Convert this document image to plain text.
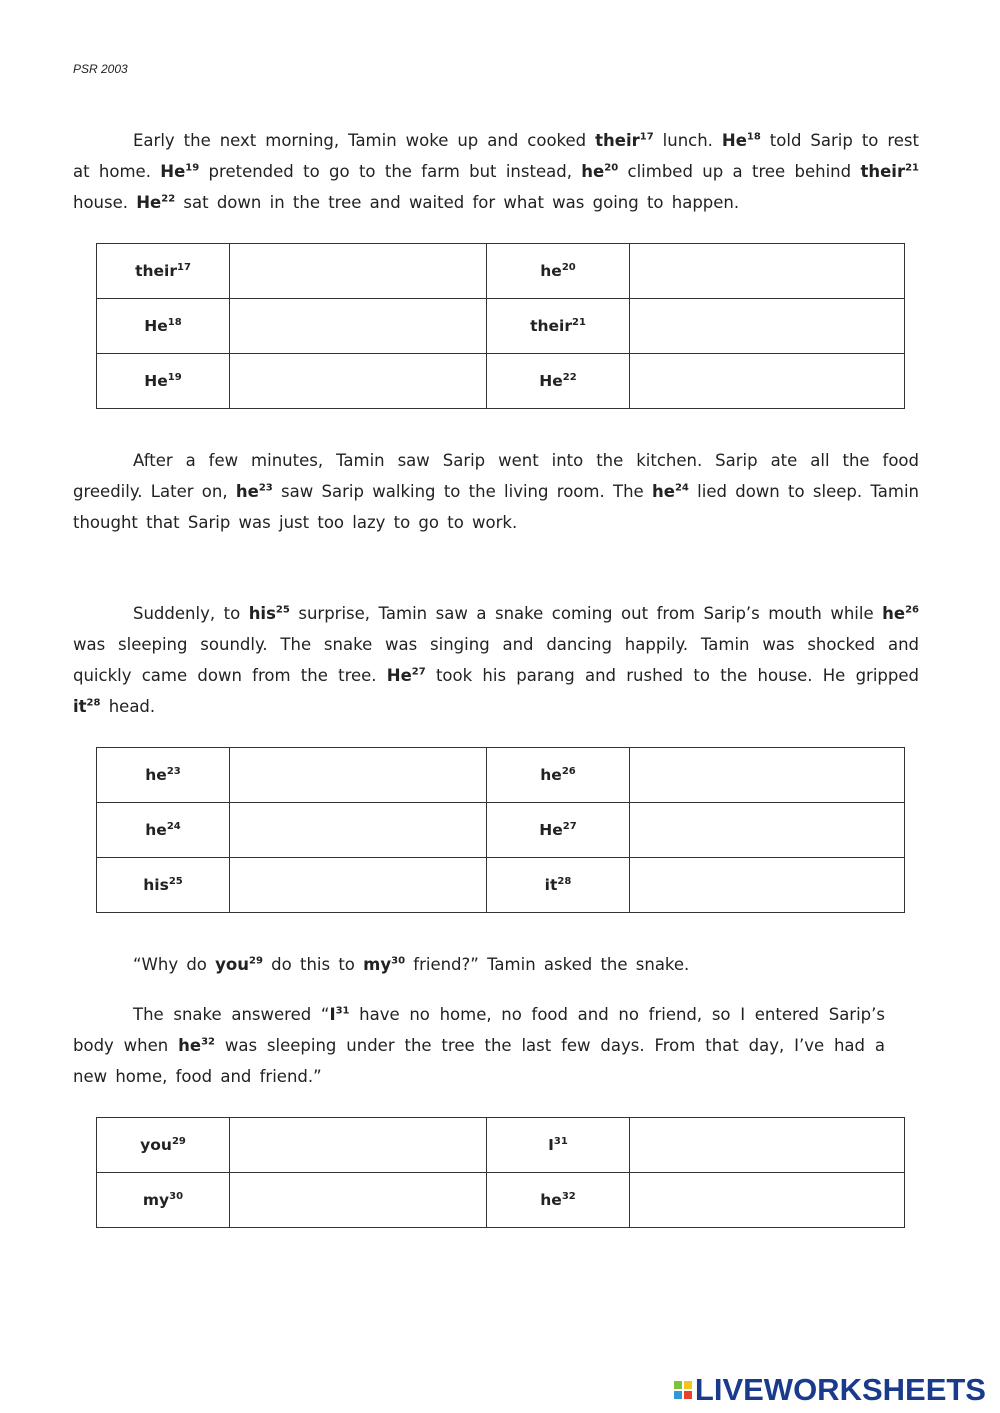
PSR 2003

Early the next morning, Tamin woke up and cooked their$^{17}$ lunch. He$^{18}$ told Sarip to rest at home. He$^{19}$ pretended to go to the farm but instead, $he^{20}$ climbed up a tree behind their$^{21}$ house. He$^{22}$ sat down in the tree and waited for what was going to happen.

their$^{17}$		$he^{20}$	
He$^{18}$		their$^{21}$	
He$^{19}$		He$^{22}$	

After a few minutes, Tamin saw Sarip went into the kitchen. Sarip ate all the food greedily. Later on, $he^{23}$ saw Sarip walking to the living room. The $he^{24}$ lied down to sleep. Tamin thought that Sarip was just too lazy to go to work.

Suddenly, to his$^{25}$ surprise, Tamin saw a snake coming out from Sarip’s mouth while $he^{26}$ was sleeping soundly. The snake was singing and dancing happily. Tamin was shocked and quickly came down from the tree. He$^{27}$ took his parang and rushed to the house. He gripped $it^{28}$ head.

$he^{23}$		$he^{26}$	
$he^{24}$		He$^{27}$	
his$^{25}$		$it^{28}$	

“Why do you$^{29}$ do this to $my^{30}$ friend?” Tamin asked the snake.

The snake answered “$I^{31}$ have no home, no food and no friend, so I entered Sarip’s body when $he^{32}$ was sleeping under the tree the last few days. From that day, I’ve had a new home, food and friend.”

you$^{29}$		$I^{31}$	
$my^{30}$		$he^{32}$	
LIVEWORKSHEETS
